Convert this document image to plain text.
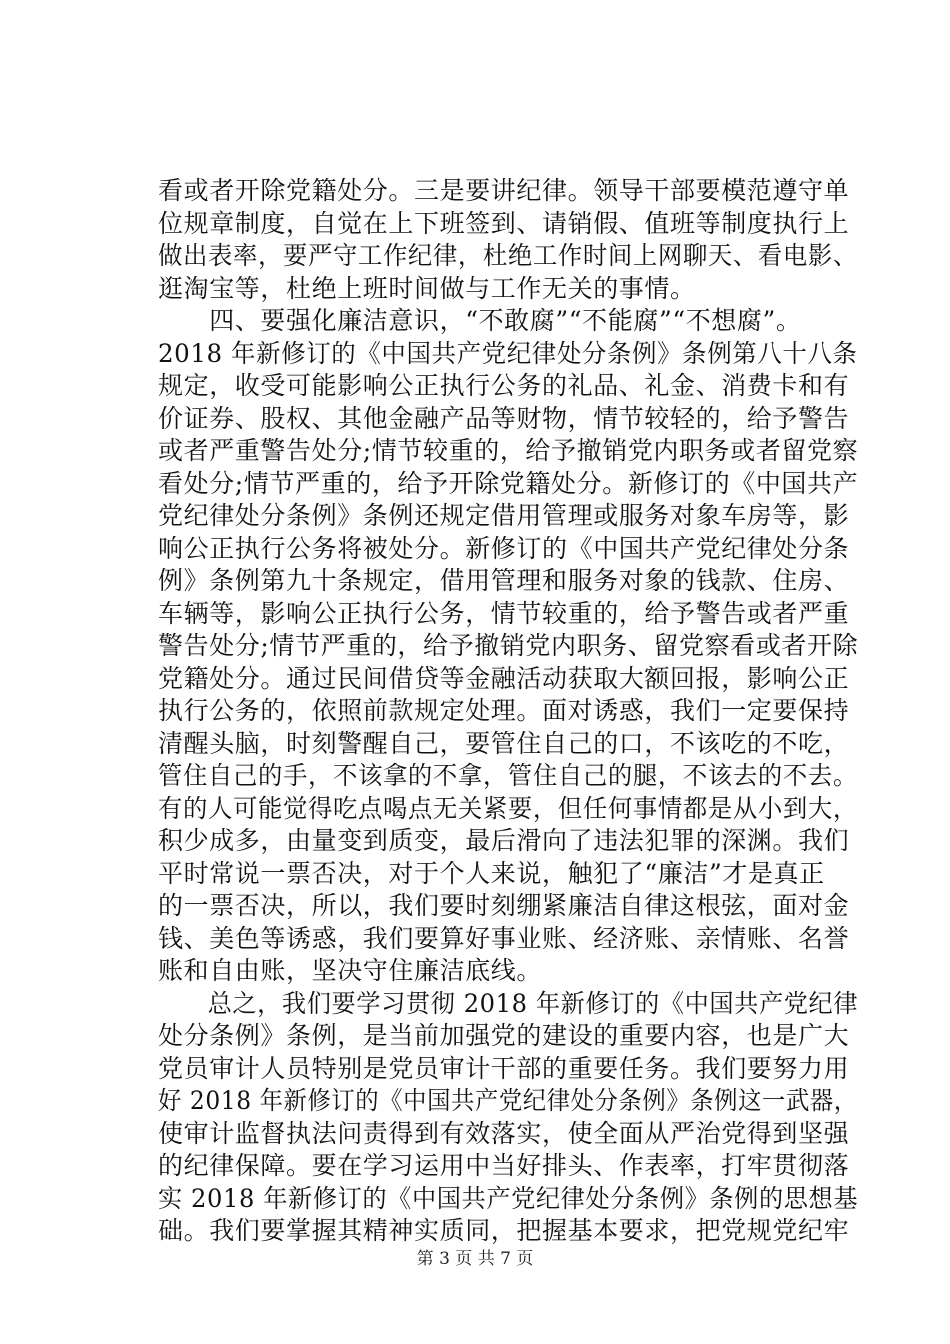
看或者开除党籍处分。三是要讲纪律。领导干部要模范遵守单
位规章制度，自觉在上下班签到、请销假、值班等制度执行上
做出表率，要严守工作纪律，杜绝工作时间上网聊天、看电影、
逛淘宝等，杜绝上班时间做与工作无关的事情。
　　四、要强化廉洁意识，“不敢腐”“不能腐”“不想腐”。
2018 年新修订的《中国共产党纪律处分条例》条例第八十八条
规定，收受可能影响公正执行公务的礼品、礼金、消费卡和有
价证券、股权、其他金融产品等财物，情节较轻的，给予警告
或者严重警告处分;情节较重的，给予撤销党内职务或者留党察
看处分;情节严重的，给予开除党籍处分。新修订的《中国共产
党纪律处分条例》条例还规定借用管理或服务对象车房等，影
响公正执行公务将被处分。新修订的《中国共产党纪律处分条
例》条例第九十条规定，借用管理和服务对象的钱款、住房、
车辆等，影响公正执行公务，情节较重的，给予警告或者严重
警告处分;情节严重的，给予撤销党内职务、留党察看或者开除
党籍处分。通过民间借贷等金融活动获取大额回报，影响公正
执行公务的，依照前款规定处理。面对诱惑，我们一定要保持
清醒头脑，时刻警醒自己，要管住自己的口，不该吃的不吃，
管住自己的手，不该拿的不拿，管住自己的腿，不该去的不去。
有的人可能觉得吃点喝点无关紧要，但任何事情都是从小到大，
积少成多，由量变到质变，最后滑向了违法犯罪的深渊。我们
平时常说一票否决，对于个人来说，触犯了“廉洁”才是真正
的一票否决，所以，我们要时刻绷紧廉洁自律这根弦，面对金
钱、美色等诱惑，我们要算好事业账、经济账、亲情账、名誉
账和自由账，坚决守住廉洁底线。
　　总之，我们要学习贯彻 2018 年新修订的《中国共产党纪律
处分条例》条例，是当前加强党的建设的重要内容，也是广大
党员审计人员特别是党员审计干部的重要任务。我们要努力用
好 2018 年新修订的《中国共产党纪律处分条例》条例这一武器，
使审计监督执法问责得到有效落实，使全面从严治党得到坚强
的纪律保障。要在学习运用中当好排头、作表率，打牢贯彻落
实 2018 年新修订的《中国共产党纪律处分条例》条例的思想基
础。我们要掌握其精神实质同，把握基本要求，把党规党纪牢
第 3 页 共 7 页
